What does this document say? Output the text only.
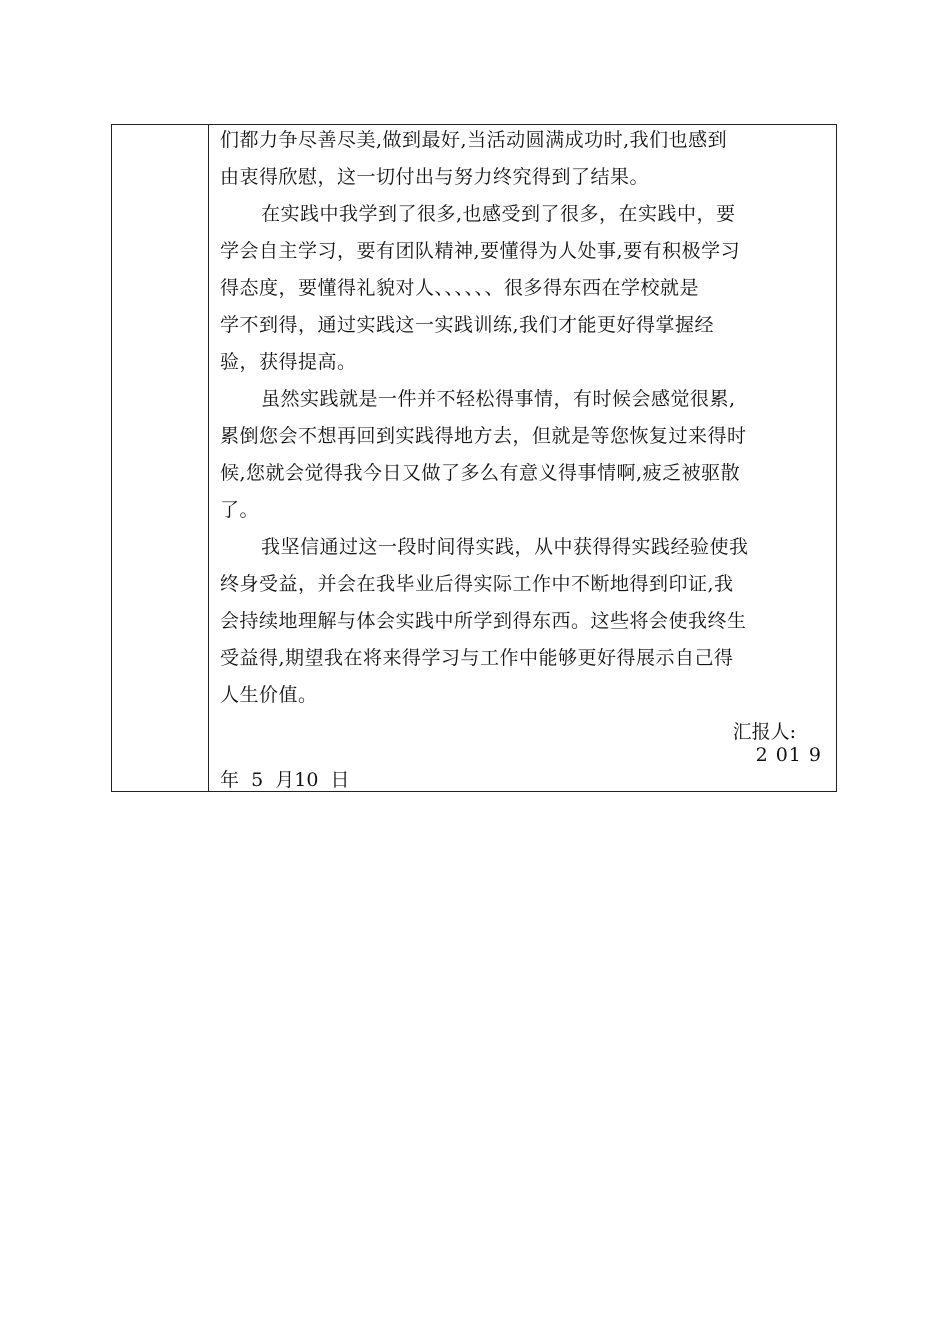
们都力争尽善尽美,做到最好,当活动圆满成功时,我们也感到
由衷得欣慰，这一切付出与努力终究得到了结果。
在实践中我学到了很多,也感受到了很多，在实践中，要
学会自主学习，要有团队精神,要懂得为人处事,要有积极学习
得态度，要懂得礼貌对人、、、、、、很多得东西在学校就是
学不到得，通过实践这一实践训练,我们才能更好得掌握经
验，获得提高。
虽然实践就是一件并不轻松得事情，有时候会感觉很累,
累倒您会不想再回到实践得地方去，但就是等您恢复过来得时
候,您就会觉得我今日又做了多么有意义得事情啊,疲乏被驱散
了。
我坚信通过这一段时间得实践，从中获得得实践经验使我
终身受益，并会在我毕业后得实际工作中不断地得到印证,我
会持续地理解与体会实践中所学到得东西。这些将会使我终生
受益得,期望我在将来得学习与工作中能够更好得展示自己得
人生价值。
汇报人:
2 01 9
年  5  月10  日
